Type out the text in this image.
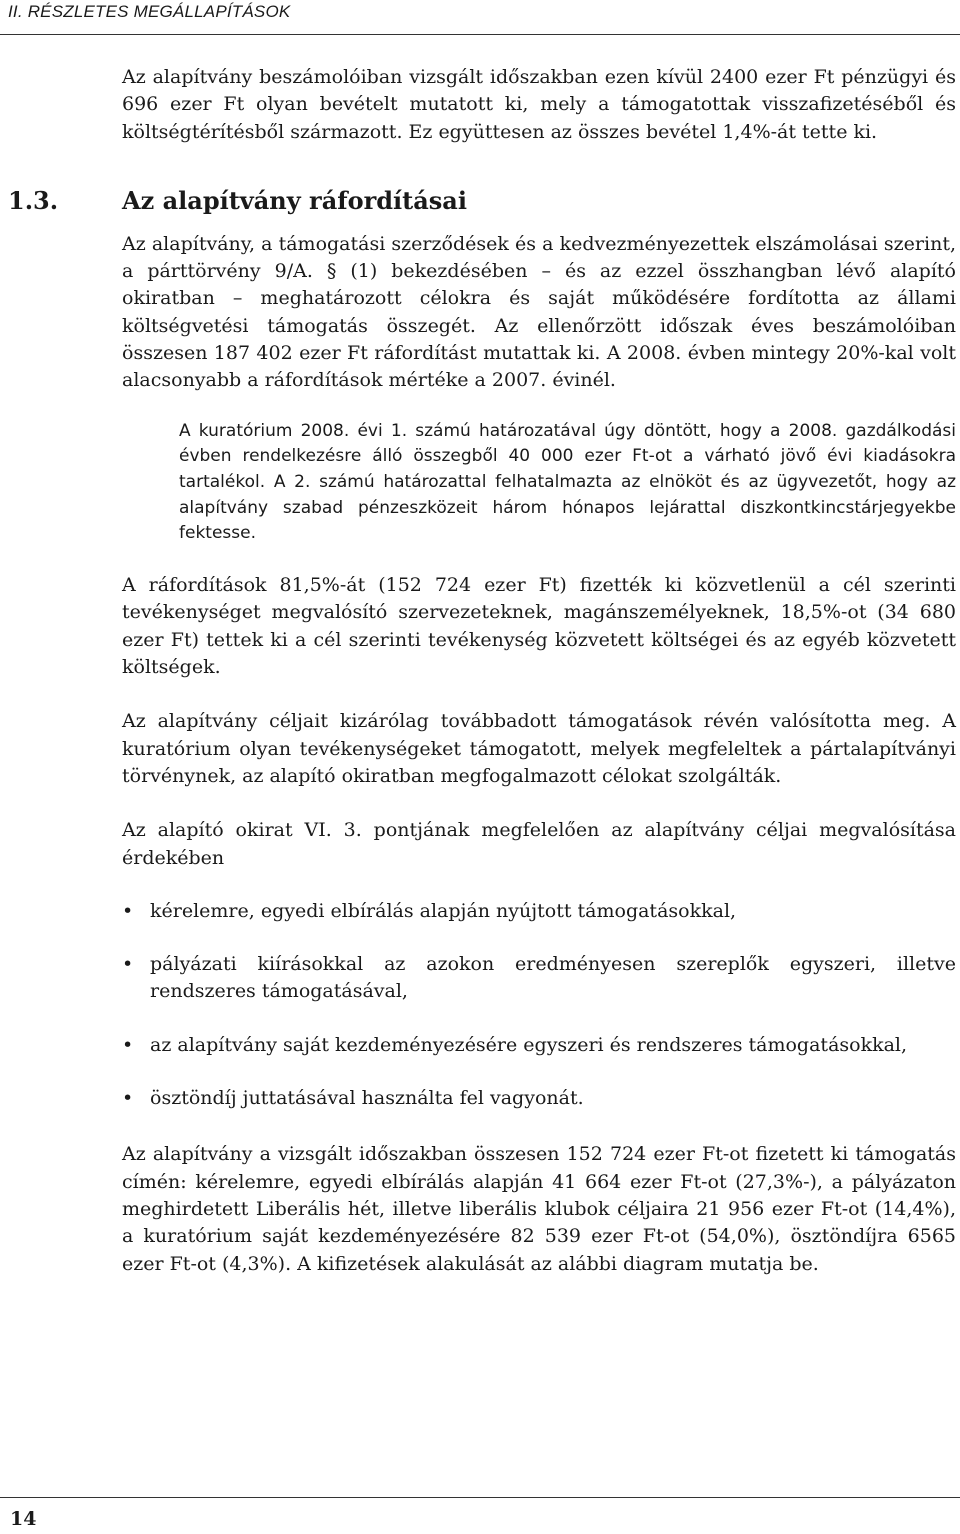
II. RÉSZLETES MEGÁLLAPÍTÁSOK

Az alapítvány beszámolóiban vizsgált időszakban ezen kívül 2400 ezer Ft pénzügyi és 696 ezer Ft olyan bevételt mutatott ki, mely a támogatottak visszafizetéséből és költségtérítésből származott. Ez együttesen az összes bevétel 1,4%-át tette ki.

1.3.	Az alapítvány ráfordításai

Az alapítvány, a támogatási szerződések és a kedvezményezettek elszámolásai szerint, a párttörvény 9/A. § (1) bekezdésében – és az ezzel összhangban lévő alapító okiratban – meghatározott célokra és saját működésére fordította az állami költségvetési támogatás összegét. Az ellenőrzött időszak éves beszámolóiban összesen 187 402 ezer Ft ráfordítást mutattak ki. A 2008. évben mintegy 20%-kal volt alacsonyabb a ráfordítások mértéke a 2007. évinél.

A kuratórium 2008. évi 1. számú határozatával úgy döntött, hogy a 2008. gazdálkodási évben rendelkezésre álló összegből 40 000 ezer Ft-ot a várható jövő évi kiadásokra tartalékol. A 2. számú határozattal felhatalmazta az elnököt és az ügyvezetőt, hogy az alapítvány szabad pénzeszközeit három hónapos lejárattal diszkontkincstárjegyekbe fektesse.

A ráfordítások 81,5%-át (152 724 ezer Ft) fizették ki közvetlenül a cél szerinti tevékenységet megvalósító szervezeteknek, magánszemélyeknek, 18,5%-ot (34 680 ezer Ft) tettek ki a cél szerinti tevékenység közvetett költségei és az egyéb közvetett költségek.

Az alapítvány céljait kizárólag továbbadott támogatások révén valósította meg. A kuratórium olyan tevékenységeket támogatott, melyek megfeleltek a pártalapítványi törvénynek, az alapító okiratban megfogalmazott célokat szolgálták.

Az alapító okirat VI. 3. pontjának megfelelően az alapítvány céljai megvalósítása érdekében

• kérelemre, egyedi elbírálás alapján nyújtott támogatásokkal,
• pályázati kiírásokkal az azokon eredményesen szereplők egyszeri, illetve rendszeres támogatásával,
• az alapítvány saját kezdeményezésére egyszeri és rendszeres támogatásokkal,
• ösztöndíj juttatásával használta fel vagyonát.

Az alapítvány a vizsgált időszakban összesen 152 724 ezer Ft-ot fizetett ki támogatás címén: kérelemre, egyedi elbírálás alapján 41 664 ezer Ft-ot (27,3%-), a pályázaton meghirdetett Liberális hét, illetve liberális klubok céljaira 21 956 ezer Ft-ot (14,4%), a kuratórium saját kezdeményezésére 82 539 ezer Ft-ot (54,0%), ösztöndíjra 6565 ezer Ft-ot (4,3%). A kifizetések alakulását az alábbi diagram mutatja be.

14
